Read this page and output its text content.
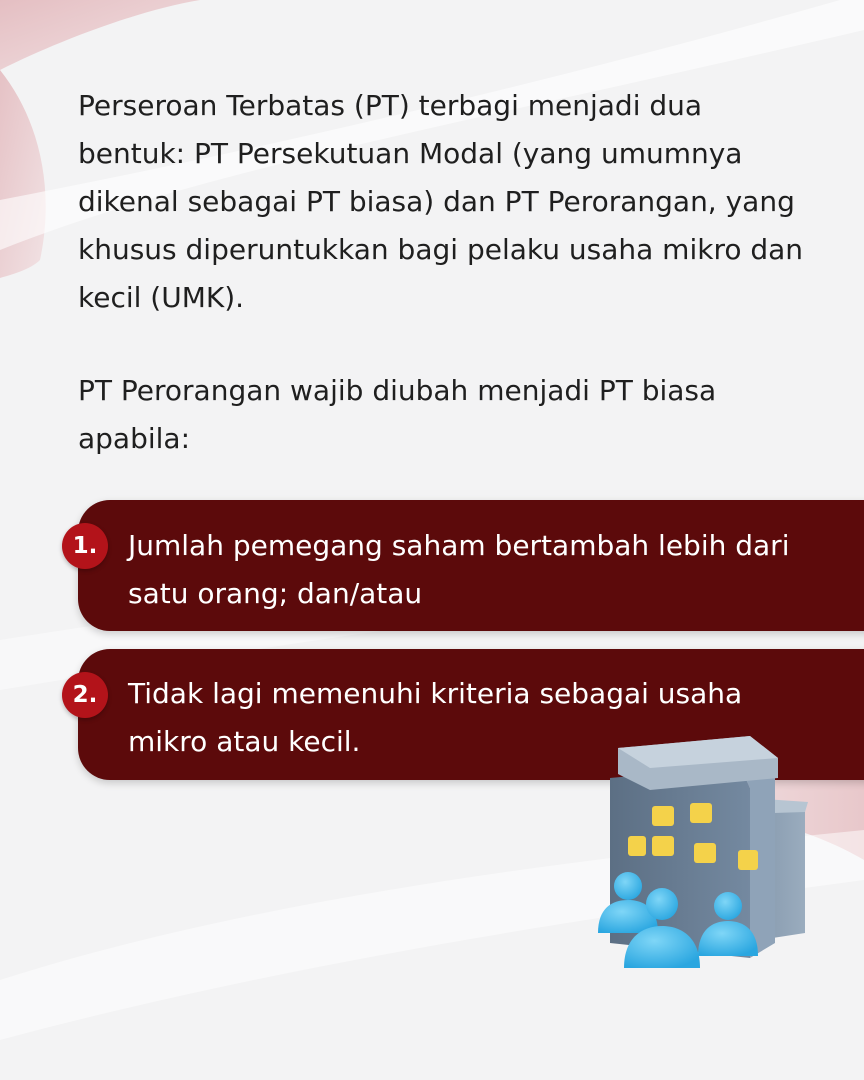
Perseroan Terbatas (PT) terbagi menjadi dua bentuk: PT Persekutuan Modal (yang umumnya dikenal sebagai PT biasa) dan PT Perorangan, yang khusus diperuntukkan bagi pelaku usaha mikro dan kecil (UMK).

PT Perorangan wajib diubah menjadi PT biasa apabila:

1.	Jumlah pemegang saham bertambah lebih dari satu orang; dan/atau

2.	Tidak lagi memenuhi kriteria sebagai usaha mikro atau kecil.
